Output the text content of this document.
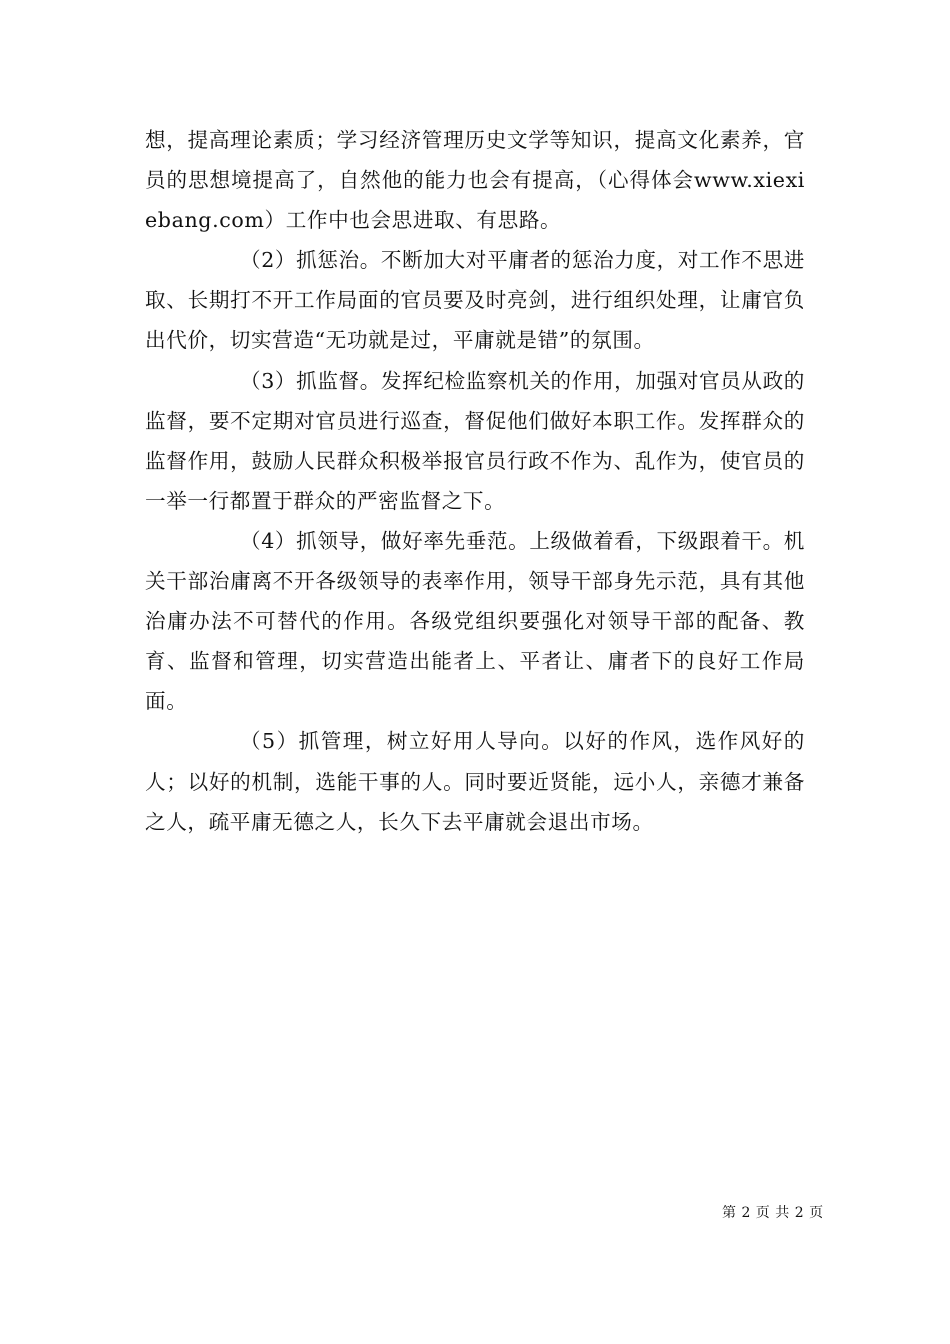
想，提高理论素质；学习经济管理历史文学等知识，提高文化素养，官员的思想境提高了，自然他的能力也会有提高，（心得体会www.xiexiebang.com）工作中也会思进取、有思路。

（2）抓惩治。不断加大对平庸者的惩治力度，对工作不思进取、长期打不开工作局面的官员要及时亮剑，进行组织处理，让庸官负出代价，切实营造“无功就是过，平庸就是错”的氛围。

（3）抓监督。发挥纪检监察机关的作用，加强对官员从政的监督，要不定期对官员进行巡查，督促他们做好本职工作。发挥群众的监督作用，鼓励人民群众积极举报官员行政不作为、乱作为，使官员的一举一行都置于群众的严密监督之下。

（4）抓领导，做好率先垂范。上级做着看，下级跟着干。机关干部治庸离不开各级领导的表率作用，领导干部身先示范，具有其他治庸办法不可替代的作用。各级党组织要强化对领导干部的配备、教育、监督和管理，切实营造出能者上、平者让、庸者下的良好工作局面。

（5）抓管理，树立好用人导向。以好的作风，选作风好的人；以好的机制，选能干事的人。同时要近贤能，远小人，亲德才兼备之人，疏平庸无德之人，长久下去平庸就会退出市场。

第 2 页 共 2 页
